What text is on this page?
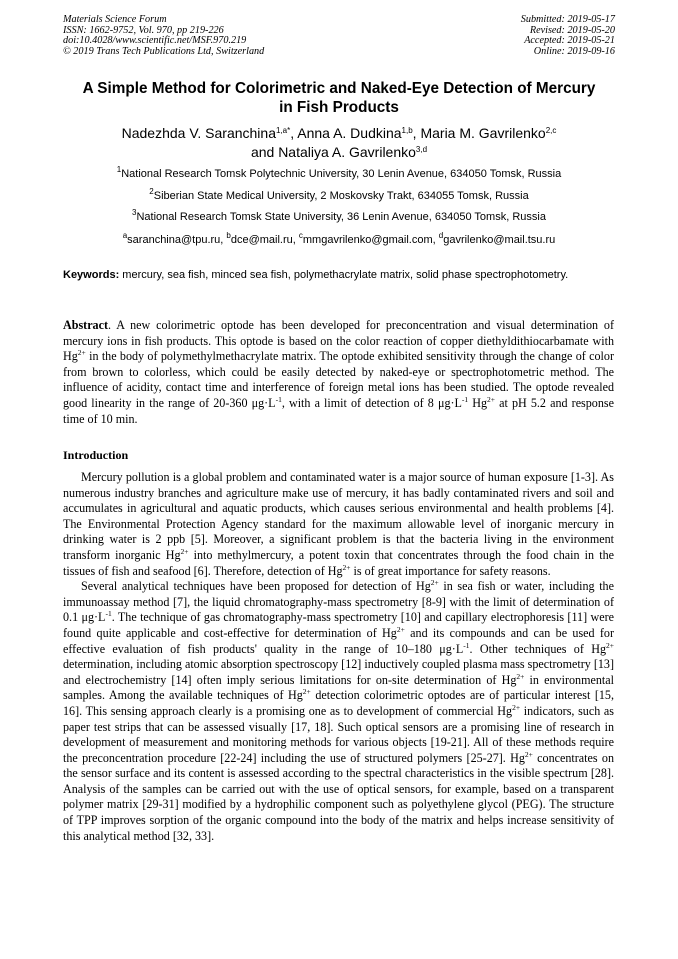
Materials Science Forum
ISSN: 1662-9752, Vol. 970, pp 219-226
doi:10.4028/www.scientific.net/MSF.970.219
© 2019 Trans Tech Publications Ltd, Switzerland
Submitted: 2019-05-17
Revised: 2019-05-20
Accepted: 2019-05-21
Online: 2019-09-16
A Simple Method for Colorimetric and Naked-Eye Detection of Mercury
in Fish Products
Nadezhda V. Saranchina$^{1,a*}$, Anna A. Dudkina$^{1,b}$, Maria M. Gavrilenko$^{2,c}$
and Nataliya A. Gavrilenko$^{3,d}$
$^1$National Research Tomsk Polytechnic University, 30 Lenin Avenue, 634050 Tomsk, Russia
$^2$Siberian State Medical University, 2 Moskovsky Trakt, 634055 Tomsk, Russia
$^3$National Research Tomsk State University, 36 Lenin Avenue, 634050 Tomsk, Russia
$^a$saranchina@tpu.ru, $^b$dce@mail.ru, $^c$mmgavrilenko@gmail.com, $^d$gavrilenko@mail.tsu.ru
Keywords: mercury, sea fish, minced sea fish, polymethacrylate matrix, solid phase spectrophotometry.

Abstract. A new colorimetric optode has been developed for preconcentration and visual determination of mercury ions in fish products. This optode is based on the color reaction of copper diethyldithiocarbamate with $Hg^{2+}$ in the body of polymethylmethacrylate matrix. The optode exhibited sensitivity through the change of color from brown to colorless, which could be easily detected by naked-eye or spectrophotometric method. The influence of acidity, contact time and interference of foreign metal ions has been studied. The optode revealed good linearity in the range of 20-360 $\mu g\cdot L^{-1}$, with a limit of detection of 8 $\mu g\cdot L^{-1}$ $Hg^{2+}$ at pH 5.2 and response time of 10 min.

Introduction

Mercury pollution is a global problem and contaminated water is a major source of human exposure [1-3]. As numerous industry branches and agriculture make use of mercury, it has badly contaminated rivers and soil and accumulates in agricultural and aquatic products, which causes serious environmental and health problems [4]. The Environmental Protection Agency standard for the maximum allowable level of inorganic mercury in drinking water is 2 ppb [5]. Moreover, a significant problem is that the bacteria living in the environment transform inorganic $Hg^{2+}$ into methylmercury, a potent toxin that concentrates through the food chain in the tissues of fish and seafood [6]. Therefore, detection of $Hg^{2+}$ is of great importance for safety reasons.

Several analytical techniques have been proposed for detection of $Hg^{2+}$ in sea fish or water, including the immunoassay method [7], the liquid chromatography-mass spectrometry [8-9] with the limit of determination of 0.1 $\mu g\cdot L^{-1}$. The technique of gas chromatography-mass spectrometry [10] and capillary electrophoresis [11] were found quite applicable and cost-effective for determination of $Hg^{2+}$ and its compounds and can be used for effective evaluation of fish products' quality in the range of 10–180 $\mu g\cdot L^{-1}$. Other techniques of $Hg^{2+}$ determination, including atomic absorption spectroscopy [12] inductively coupled plasma mass spectrometry [13] and electrochemistry [14] often imply serious limitations for on-site determination of $Hg^{2+}$ in environmental samples. Among the available techniques of $Hg^{2+}$ detection colorimetric optodes are of particular interest [15, 16]. This sensing approach clearly is a promising one as to development of commercial $Hg^{2+}$ indicators, such as paper test strips that can be assessed visually [17, 18]. Such optical sensors are a promising line of research in development of measurement and monitoring methods for various objects [19-21]. All of these methods require the preconcentration procedure [22-24] including the use of structured polymers [25-27]. $Hg^{2+}$ concentrates on the sensor surface and its content is assessed according to the spectral characteristics in the visible spectrum [28]. Analysis of the samples can be carried out with the use of optical sensors, for example, based on a transparent polymer matrix [29-31] modified by a hydrophilic component such as polyethylene glycol (PEG). The structure of TPP improves sorption of the organic compound into the body of the matrix and helps increase sensitivity of this analytical method [32, 33].
